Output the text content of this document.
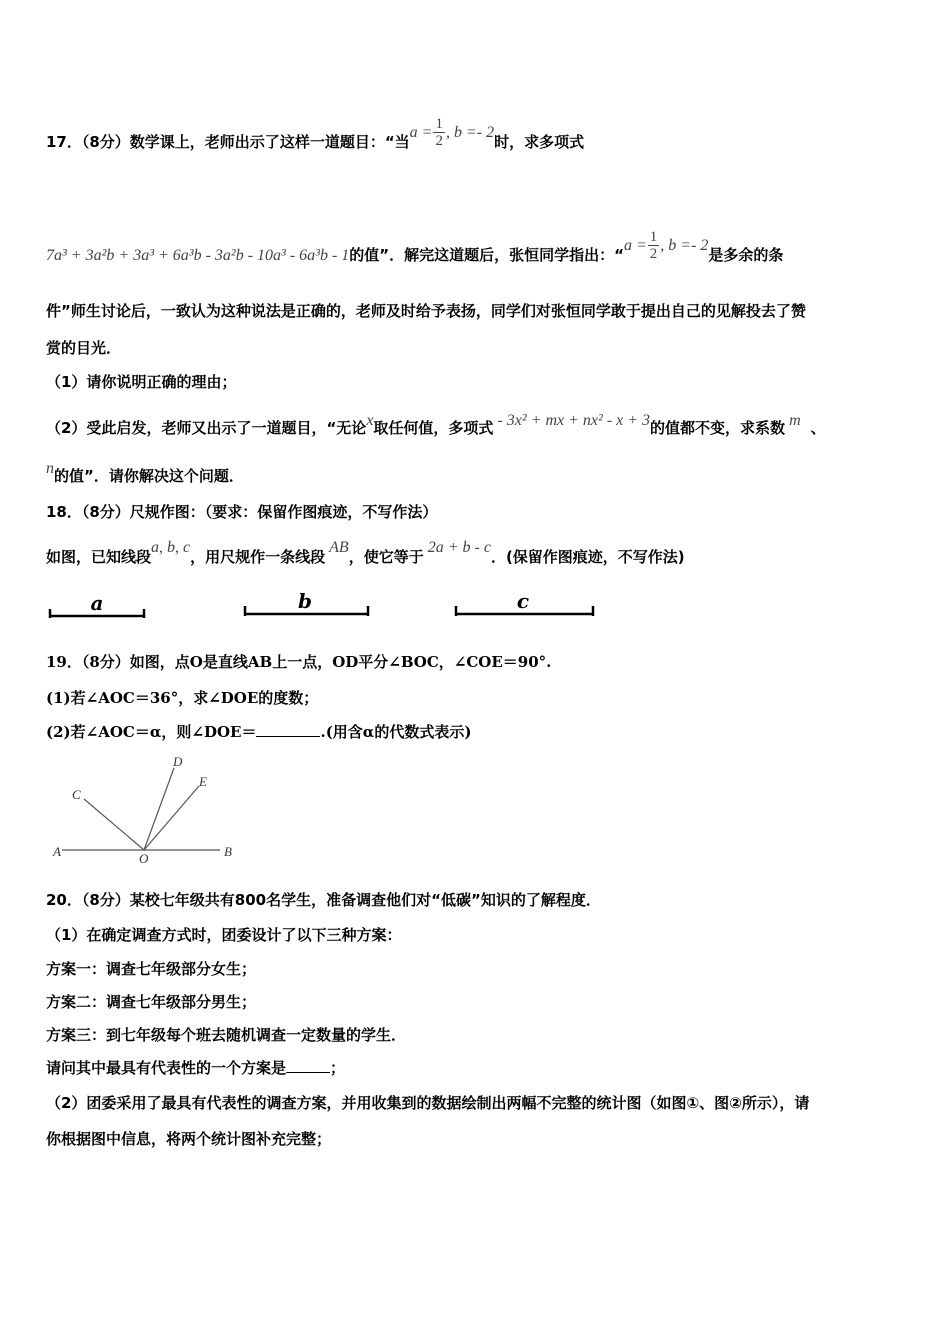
17．（8分）数学课上，老师出示了这样一道题目：“当$a = \frac{1}{2}$ , b =- 2时，求多项式
7a³ + 3a²b + 3a³ + 6a³b - 3a²b - 10a³ - 6a³b - 1的值”．解完这道题后，张恒同学指出：“$a = \frac{1}{2}$ , b =- 2是多余的条
件”师生讨论后，一致认为这种说法是正确的，老师及时给予表扬，同学们对张恒同学敢于提出自己的见解投去了赞
赏的目光．
（1）请你说明正确的理由；
（2）受此启发，老师又出示了一道题目，“无论x取任何值，多项式 - 3x² + mx + nx² - x + 3的值都不变，求系数 m 、
n的值”．请你解决这个问题．
18．（8分）尺规作图：（要求：保留作图痕迹，不写作法）
如图，已知线段a, b, c，用尺规作一条线段AB，使它等于2a + b - c．(保留作图痕迹，不写作法)
a	b	c
19．（8分）如图，点O是直线AB上一点，OD平分∠BOC，∠COE＝90°.
(1)若∠AOC＝36°，求∠DOE的度数；
(2)若∠AOC＝α，则∠DOE＝	.(用含α的代数式表示)
A	B
C
D
E
O
20．（8分）某校七年级共有800名学生，准备调查他们对“低碳”知识的了解程度．
（1）在确定调查方式时，团委设计了以下三种方案：
方案一：调查七年级部分女生；
方案二：调查七年级部分男生；
方案三：到七年级每个班去随机调查一定数量的学生．
请问其中最具有代表性的一个方案是	；
（2）团委采用了最具有代表性的调查方案，并用收集到的数据绘制出两幅不完整的统计图（如图①、图②所示），请
你根据图中信息，将两个统计图补充完整；
